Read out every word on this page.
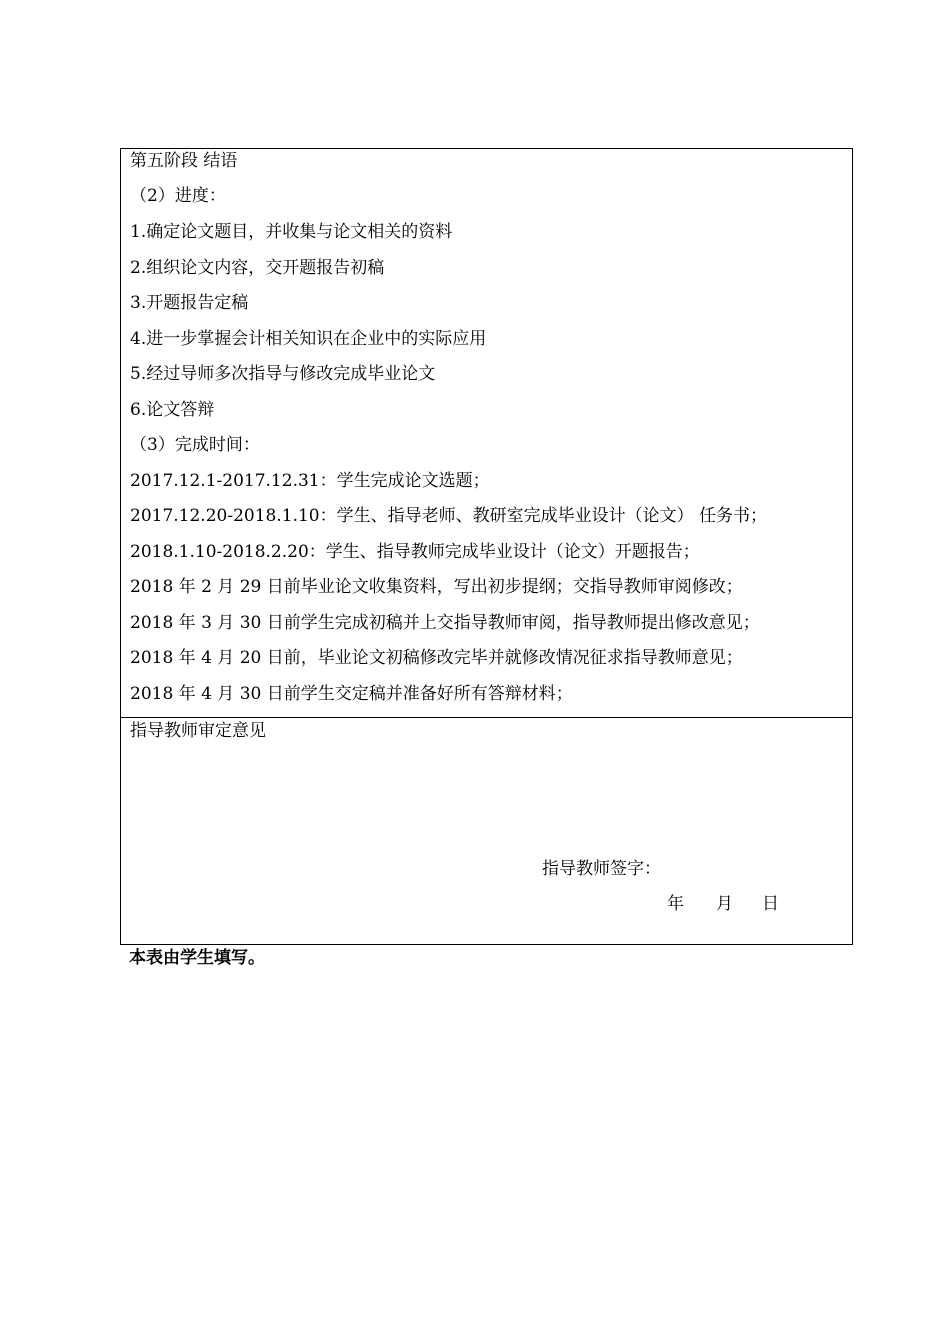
第五阶段 结语
（2）进度：
1.确定论文题目，并收集与论文相关的资料
2.组织论文内容，交开题报告初稿
3.开题报告定稿
4.进一步掌握会计相关知识在企业中的实际应用
5.经过导师多次指导与修改完成毕业论文
6.论文答辩
（3）完成时间：
2017.12.1-2017.12.31：学生完成论文选题；
2017.12.20-2018.1.10：学生、指导老师、教研室完成毕业设计（论文） 任务书；
2018.1.10-2018.2.20：学生、指导教师完成毕业设计（论文）开题报告；
2018 年 2 月 29 日前毕业论文收集资料，写出初步提纲；交指导教师审阅修改；
2018 年 3 月 30 日前学生完成初稿并上交指导教师审阅，指导教师提出修改意见；
2018 年 4 月 20 日前，毕业论文初稿修改完毕并就修改情况征求指导教师意见；
2018 年 4 月 30 日前学生交定稿并准备好所有答辩材料；
指导教师审定意见
指导教师签字：
年 月 日
本表由学生填写。
